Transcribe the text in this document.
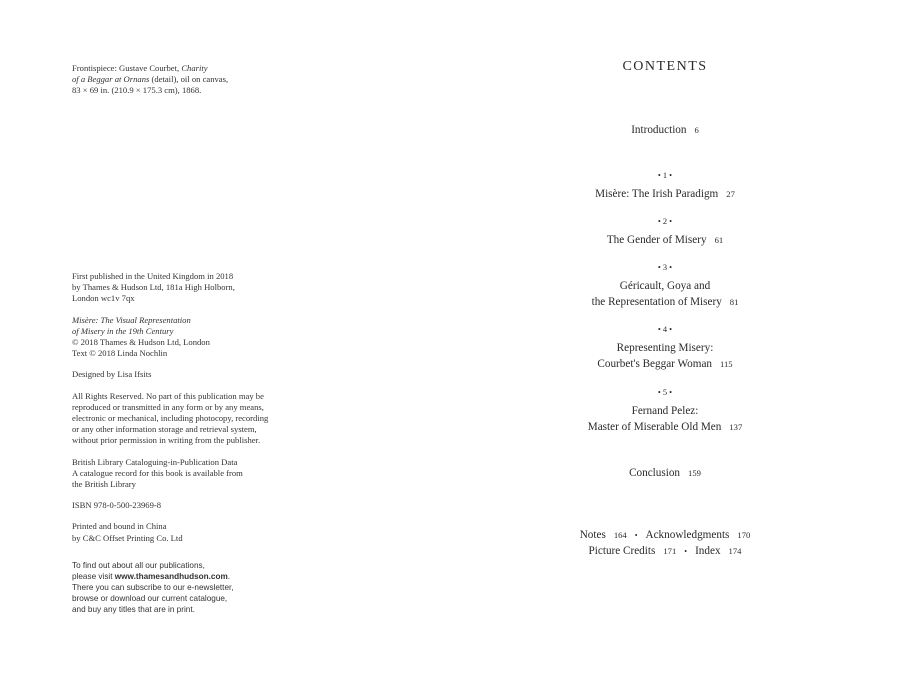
Frontispiece: Gustave Courbet, Charity

of a Beggar at Ornans (detail), oil on canvas,

83 × 69 in. (210.9 × 175.3 cm), 1868.

First published in the United Kingdom in 2018

by Thames & Hudson Ltd, 181a High Holborn,

London wc1v 7qx

Misère: The Visual Representation

of Misery in the 19th Century

© 2018 Thames & Hudson Ltd, London

Text © 2018 Linda Nochlin

Designed by Lisa Ifsits

All Rights Reserved. No part of this publication may be

reproduced or transmitted in any form or by any means,

electronic or mechanical, including photocopy, recording

or any other information storage and retrieval system,

without prior permission in writing from the publisher.

British Library Cataloguing-in-Publication Data

A catalogue record for this book is available from

the British Library

ISBN 978-0-500-23969-8

Printed and bound in China

by C&C Offset Printing Co. Ltd

To find out about all our publications,

please visit www.thamesandhudson.com.

There you can subscribe to our e-newsletter,

browse or download our current catalogue,

and buy any titles that are in print.

CONTENTS
Introduction 6
• 1 •
Misère: The Irish Paradigm 27
• 2 •
The Gender of Misery 61
• 3 •
Géricault, Goya and
the Representation of Misery 81
• 4 •
Representing Misery:
Courbet's Beggar Woman 115
• 5 •
Fernand Pelez:
Master of Miserable Old Men 137
Conclusion 159
Notes 164 • Acknowledgments 170
Picture Credits 171 • Index 174
